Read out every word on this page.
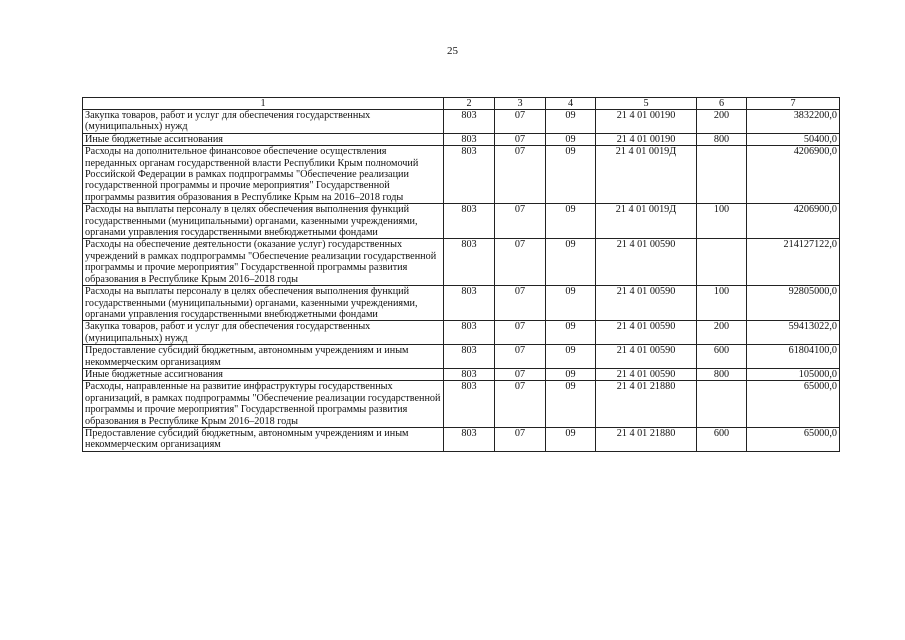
25
1	2	3	4	5	6	7
Закупка товаров, работ и услуг для обеспечения государственных (муниципальных) нужд	803	07	09	21 4 01 00190	200	3832200,0
Иные бюджетные ассигнования	803	07	09	21 4 01 00190	800	50400,0
Расходы на дополнительное финансовое обеспечение осуществления переданных органам государственной власти Республики Крым полномочий Российской Федерации в рамках подпрограммы "Обеспечение реализации государственной программы и прочие мероприятия" Государственной программы развития образования в Республике Крым на 2016–2018 годы	803	07	09	21 4 01 0019Д		4206900,0
Расходы на выплаты персоналу в целях обеспечения выполнения функций государственными (муниципальными) органами, казенными учреждениями, органами управления государственными внебюджетными фондами	803	07	09	21 4 01 0019Д	100	4206900,0
Расходы на обеспечение деятельности (оказание услуг) государственных учреждений в рамках подпрограммы "Обеспечение реализации государственной программы и прочие мероприятия" Государственной программы развития образования в Республике Крым 2016–2018 годы	803	07	09	21 4 01 00590		214127122,0
Расходы на выплаты персоналу в целях обеспечения выполнения функций государственными (муниципальными) органами, казенными учреждениями, органами управления государственными внебюджетными фондами	803	07	09	21 4 01 00590	100	92805000,0
Закупка товаров, работ и услуг для обеспечения государственных (муниципальных) нужд	803	07	09	21 4 01 00590	200	59413022,0
Предоставление субсидий бюджетным, автономным учреждениям и иным некоммерческим организациям	803	07	09	21 4 01 00590	600	61804100,0
Иные бюджетные ассигнования	803	07	09	21 4 01 00590	800	105000,0
Расходы, направленные на развитие инфраструктуры государственных организаций, в рамках подпрограммы "Обеспечение реализации государственной программы и прочие мероприятия" Государственной программы развития образования в Республике Крым 2016–2018 годы	803	07	09	21 4 01 21880		65000,0
Предоставление субсидий бюджетным, автономным учреждениям и иным некоммерческим организациям	803	07	09	21 4 01 21880	600	65000,0
